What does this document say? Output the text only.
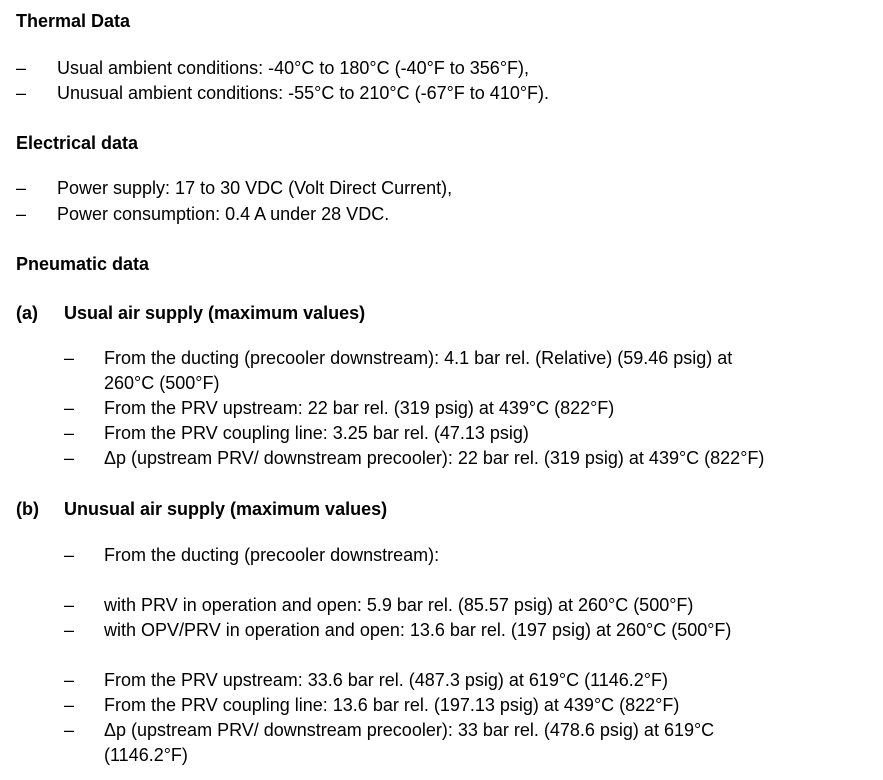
Thermal Data
– Usual ambient conditions: -40°C to 180°C (-40°F to 356°F),
– Unusual ambient conditions: -55°C to 210°C (-67°F to 410°F).
Electrical data
– Power supply: 17 to 30 VDC (Volt Direct Current),
– Power consumption: 0.4 A under 28 VDC.
Pneumatic data
(a) Usual air supply (maximum values)
– From the ducting (precooler downstream): 4.1 bar rel. (Relative) (59.46 psig) at
260°C (500°F)
– From the PRV upstream: 22 bar rel. (319 psig) at 439°C (822°F)
– From the PRV coupling line: 3.25 bar rel. (47.13 psig)
– Δp (upstream PRV/ downstream precooler): 22 bar rel. (319 psig) at 439°C (822°F)
(b) Unusual air supply (maximum values)
– From the ducting (precooler downstream):
– with PRV in operation and open: 5.9 bar rel. (85.57 psig) at 260°C (500°F)
– with OPV/PRV in operation and open: 13.6 bar rel. (197 psig) at 260°C (500°F)
– From the PRV upstream: 33.6 bar rel. (487.3 psig) at 619°C (1146.2°F)
– From the PRV coupling line: 13.6 bar rel. (197.13 psig) at 439°C (822°F)
– Δp (upstream PRV/ downstream precooler): 33 bar rel. (478.6 psig) at 619°C
(1146.2°F)
